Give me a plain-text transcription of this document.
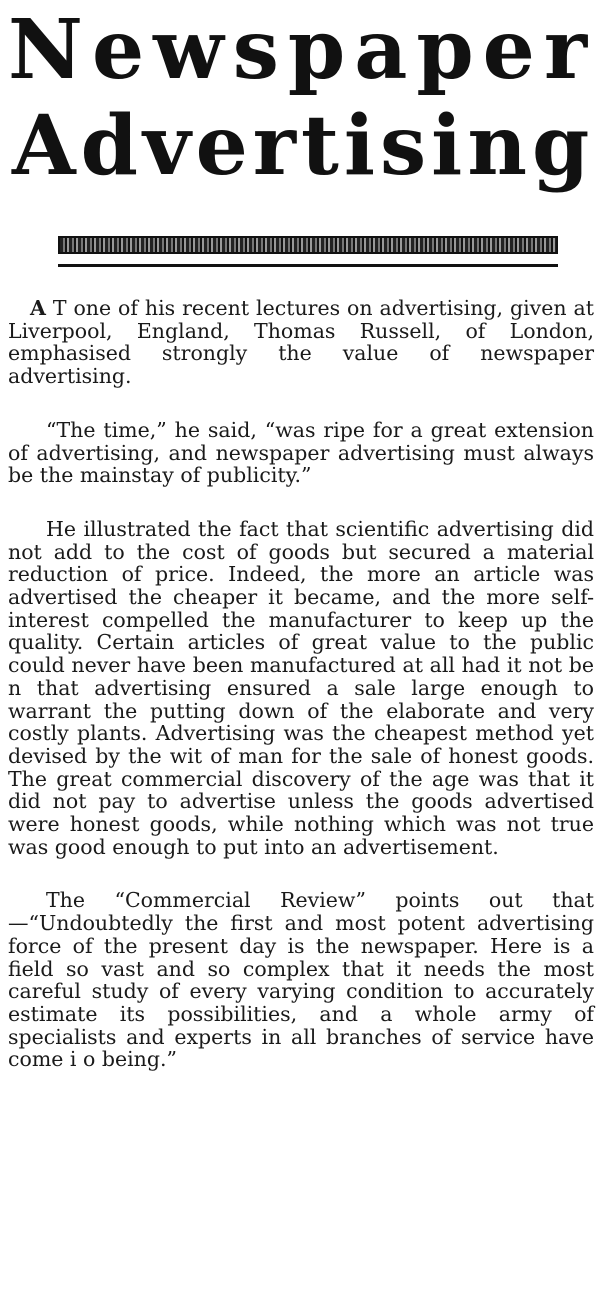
Newspaper
Advertising

A T one of his recent lectures on advertising, given at Liverpool, England, Thomas Russell, of London, emphasised strongly the value of newspaper advertising.

“The time,” he said, “was ripe for a great extension of advertising, and newspaper advertising must always be the mainstay of publicity.”

He illustrated the fact that scientific advertising did not add to the cost of goods but secured a material reduction of price. Indeed, the more an article was advertised the cheaper it became, and the more self-interest compelled the manufacturer to keep up the quality. Certain articles of great value to the public could never have been manufactured at all had it not be n that advertising ensured a sale large enough to warrant the putting down of the elaborate and very costly plants. Advertising was the cheapest method yet devised by the wit of man for the sale of honest goods. The great commercial discovery of the age was that it did not pay to advertise unless the goods advertised were honest goods, while nothing which was not true was good enough to put into an advertisement.

The “Commercial Review” points out that—“Undoubtedly the first and most potent advertising force of the present day is the newspaper. Here is a field so vast and so complex that it needs the most careful study of every varying condition to accurately estimate its possibilities, and a whole army of specialists and experts in all branches of service have come i o being.”
